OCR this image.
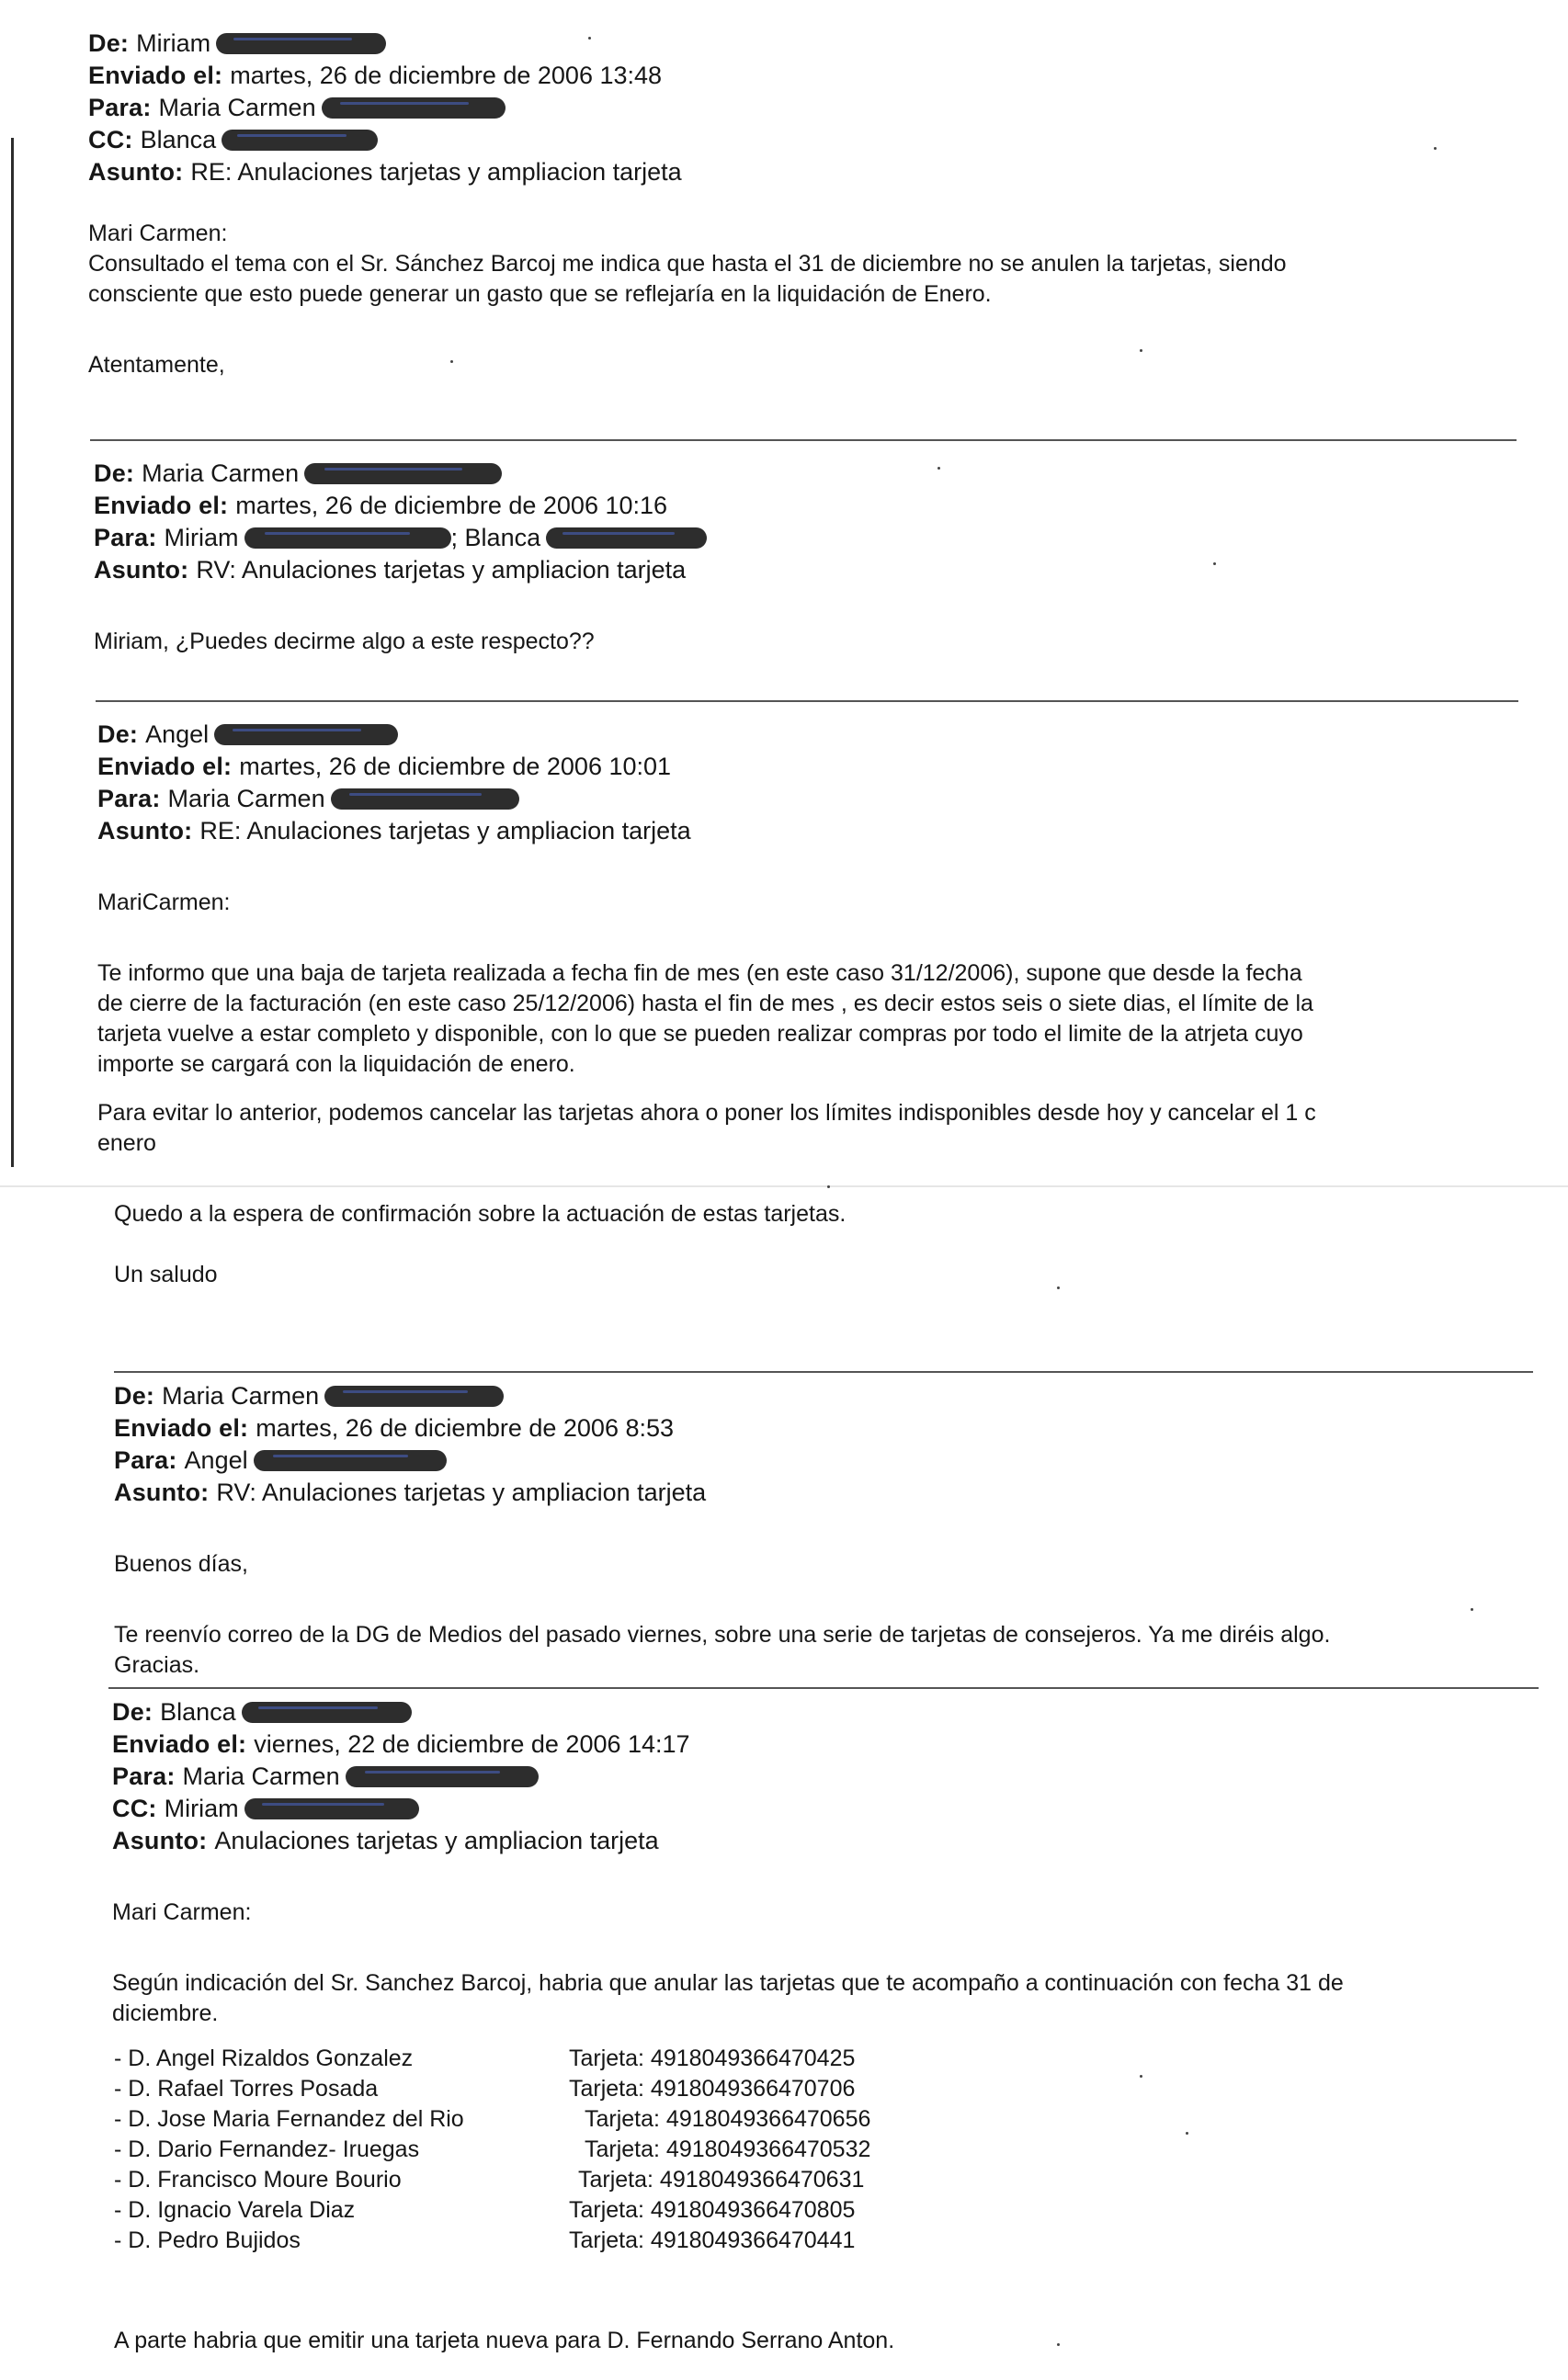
De: Miriam
Enviado el: martes, 26 de diciembre de 2006 13:48
Para: Maria Carmen
CC: Blanca
Asunto: RE: Anulaciones tarjetas y ampliacion tarjeta

Mari Carmen:

Consultado el tema con el Sr. Sánchez Barcoj me indica que hasta el 31 de diciembre no se anulen la tarjetas, siendo

consciente que esto puede generar un gasto que se reflejaría en la liquidación de Enero.

Atentamente,

De: Maria Carmen
Enviado el: martes, 26 de diciembre de 2006 10:16
Para: Miriam	; Blanca
Asunto: RV: Anulaciones tarjetas y ampliacion tarjeta

Miriam, ¿Puedes decirme algo a este respecto??

De: Angel
Enviado el: martes, 26 de diciembre de 2006 10:01
Para: Maria Carmen
Asunto: RE: Anulaciones tarjetas y ampliacion tarjeta

MariCarmen:

Te informo que una baja de tarjeta realizada a fecha fin de mes (en este caso 31/12/2006), supone que desde la fecha

de cierre de la facturación (en este caso 25/12/2006) hasta el fin de mes , es decir estos seis o siete dias, el límite de la

tarjeta vuelve a estar completo y disponible, con lo que se pueden realizar compras por todo el limite de la atrjeta cuyo

importe se cargará con la liquidación de enero.

Para evitar lo anterior, podemos cancelar las tarjetas ahora o poner los límites indisponibles desde hoy y cancelar el 1 c

enero

Quedo a la espera de confirmación sobre la actuación de estas tarjetas.

Un saludo

De: Maria Carmen
Enviado el: martes, 26 de diciembre de 2006 8:53
Para: Angel
Asunto: RV: Anulaciones tarjetas y ampliacion tarjeta

Buenos días,

Te reenvío correo de la DG de Medios del pasado viernes, sobre una serie de tarjetas de consejeros. Ya me diréis algo.

Gracias.

De: Blanca
Enviado el: viernes, 22 de diciembre de 2006 14:17
Para: Maria Carmen
CC: Miriam
Asunto: Anulaciones tarjetas y ampliacion tarjeta

Mari Carmen:

Según indicación del Sr. Sanchez Barcoj, habria que anular las tarjetas que te acompaño a continuación con fecha 31 de

diciembre.

- D. Angel Rizaldos Gonzalez	Tarjeta: 4918049366470425
- D. Rafael Torres Posada	Tarjeta: 4918049366470706
- D. Jose Maria Fernandez del Rio	Tarjeta: 4918049366470656
- D. Dario Fernandez- Iruegas	Tarjeta: 4918049366470532
- D. Francisco Moure Bourio	Tarjeta: 4918049366470631
- D. Ignacio Varela Diaz	Tarjeta: 4918049366470805
- D. Pedro Bujidos	Tarjeta: 4918049366470441

A parte habria que emitir una tarjeta nueva para D. Fernando Serrano Anton.
